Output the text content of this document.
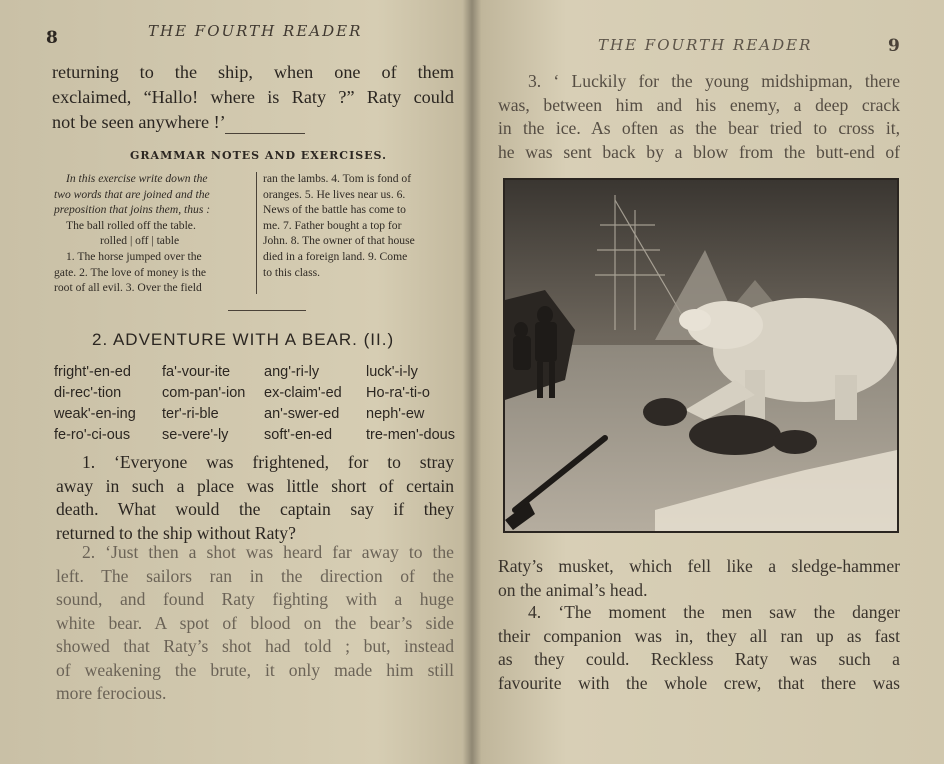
8	THE FOURTH READER
returning to the ship, when one of them
exclaimed, “Hallo! where is Raty ?” Raty could
not be seen anywhere !’
GRAMMAR NOTES AND EXERCISES.
In this exercise write down the
two words that are joined and the
preposition that joins them, thus :
The ball rolled off the table.
rolled | off | table
1. The horse jumped over the
gate. 2. The love of money is the
root of all evil. 3. Over the field
ran the lambs. 4. Tom is fond of
oranges. 5. He lives near us. 6.
News of the battle has come to
me. 7. Father bought a top for
John. 8. The owner of that house
died in a foreign land. 9. Come
to this class.
2. ADVENTURE WITH A BEAR. (II.)
fright'-en-ed fa'-vour-ite ang'-ri-ly	luck'-i-ly
di-rec'-tion	com-pan'-ion ex-claim'-ed Ho-ra'-ti-o
weak'-en-ing ter'-ri-ble	an'-swer-ed neph'-ew
fe-ro'-ci-ous se-vere'-ly soft'-en-ed tre-men'-dous
1. ‘Everyone was frightened, for to stray
away in such a place was little short of certain
death. What would the captain say if they
returned to the ship without Raty?
2. ‘Just then a shot was heard far away to the
left. The sailors ran in the direction of the
sound, and found Raty fighting with a huge
white bear. A spot of blood on the bear’s side
showed that Raty’s shot had told ; but, instead
of weakening the brute, it only made him still
more ferocious.
THE FOURTH READER	9
3. ‘ Luckily for the young midshipman, there
was, between him and his enemy, a deep crack
in the ice. As often as the bear tried to cross it,
he was sent back by a blow from the butt-end of
Raty’s musket, which fell like a sledge-hammer
on the animal’s head.
4. ‘The moment the men saw the danger
their companion was in, they all ran up as fast
as they could. Reckless Raty was such a
favourite with the whole crew, that there was
